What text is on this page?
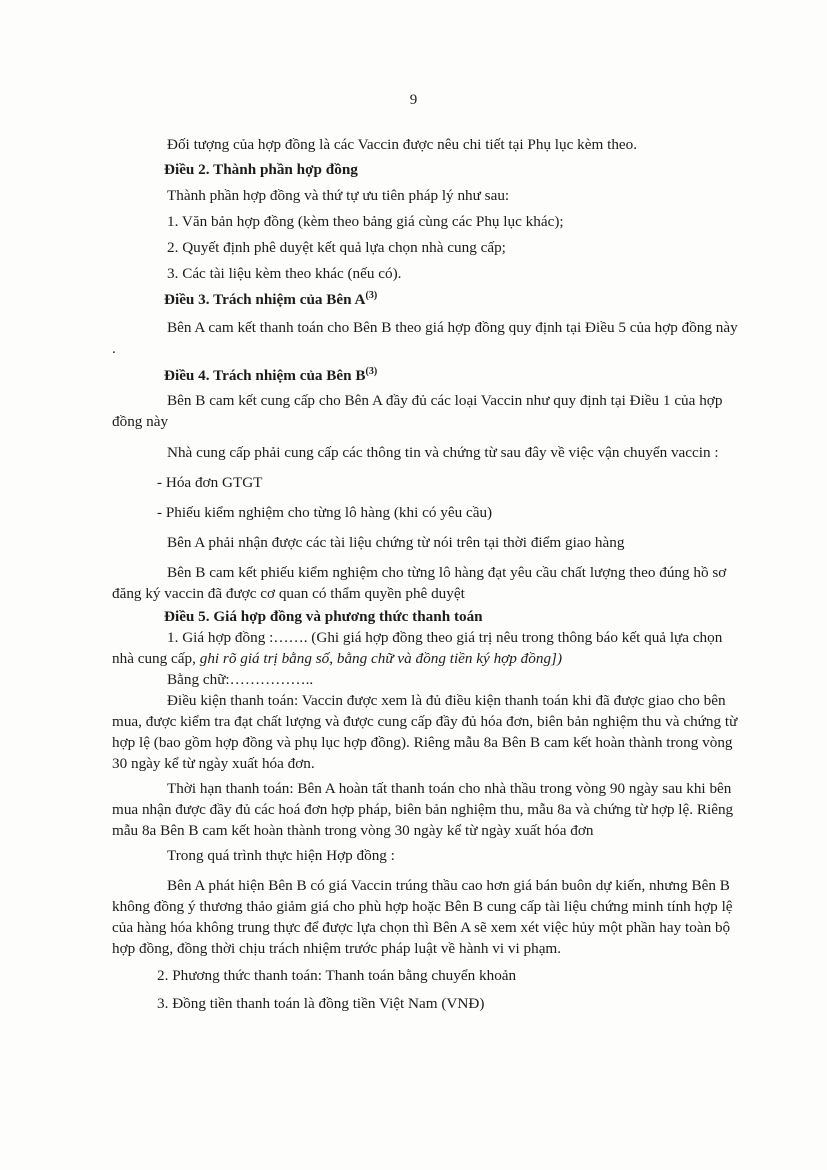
9

Đối tượng của hợp đồng là các Vaccin được nêu chi tiết tại Phụ lục kèm theo.

Điều 2. Thành phần hợp đồng

Thành phần hợp đồng và thứ tự ưu tiên pháp lý như sau:

1. Văn bản hợp đồng (kèm theo bảng giá cùng các Phụ lục khác);

2. Quyết định phê duyệt kết quả lựa chọn nhà cung cấp;

3. Các tài liệu kèm theo khác (nếu có).

Điều 3. Trách nhiệm của Bên $A^{(3)}$

Bên A cam kết thanh toán cho Bên B theo giá hợp đồng quy định tại Điều 5 của hợp đồng này .

Điều 4. Trách nhiệm của Bên $B^{(3)}$

Bên B cam kết cung cấp cho Bên A đầy đủ các loại Vaccin như quy định tại Điều 1 của hợp đồng này

Nhà cung cấp phải cung cấp các thông tin và chứng từ sau đây về việc vận chuyển vaccin :

- Hóa đơn GTGT

- Phiếu kiểm nghiệm cho từng lô hàng (khi có yêu cầu)

Bên A phải nhận được các tài liệu chứng từ nói trên tại thời điểm giao hàng

Bên B cam kết phiếu kiểm nghiệm cho từng lô hàng đạt yêu cầu chất lượng theo đúng hồ sơ đăng ký vaccin đã được cơ quan có thẩm quyền phê duyệt

Điều 5. Giá hợp đồng và phương thức thanh toán

1. Giá hợp đồng :……. (Ghi giá hợp đồng theo giá trị nêu trong thông báo kết quả lựa chọn nhà cung cấp, ghi rõ giá trị bằng số, bằng chữ và đồng tiền ký hợp đồng])

Bằng chữ:……………..

Điều kiện thanh toán: Vaccin được xem là đủ điều kiện thanh toán khi đã được giao cho bên mua, được kiểm tra đạt chất lượng và được cung cấp đầy đủ hóa đơn, biên bản nghiệm thu và chứng từ hợp lệ (bao gồm hợp đồng và phụ lục hợp đồng). Riêng mẫu 8a Bên B cam kết hoàn thành trong vòng 30 ngày kể từ ngày xuất hóa đơn.

Thời hạn thanh toán: Bên A hoàn tất thanh toán cho nhà thầu trong vòng 90 ngày sau khi bên mua nhận được đầy đủ các hoá đơn hợp pháp, biên bản nghiệm thu, mẫu 8a và chứng từ hợp lệ. Riêng mẫu 8a Bên B cam kết hoàn thành trong vòng 30 ngày kể từ ngày xuất hóa đơn

Trong quá trình thực hiện Hợp đồng :

Bên A phát hiện Bên B có giá Vaccin trúng thầu cao hơn giá bán buôn dự kiến, nhưng Bên B không đồng ý thương thảo giảm giá cho phù hợp hoặc Bên B cung cấp tài liệu chứng minh tính hợp lệ của hàng hóa không trung thực để được lựa chọn thì Bên A sẽ xem xét việc hủy một phần hay toàn bộ hợp đồng, đồng thời chịu trách nhiệm trước pháp luật về hành vi vi phạm.

2. Phương thức thanh toán: Thanh toán bằng chuyển khoản

3. Đồng tiền thanh toán là đồng tiền Việt Nam (VNĐ)
